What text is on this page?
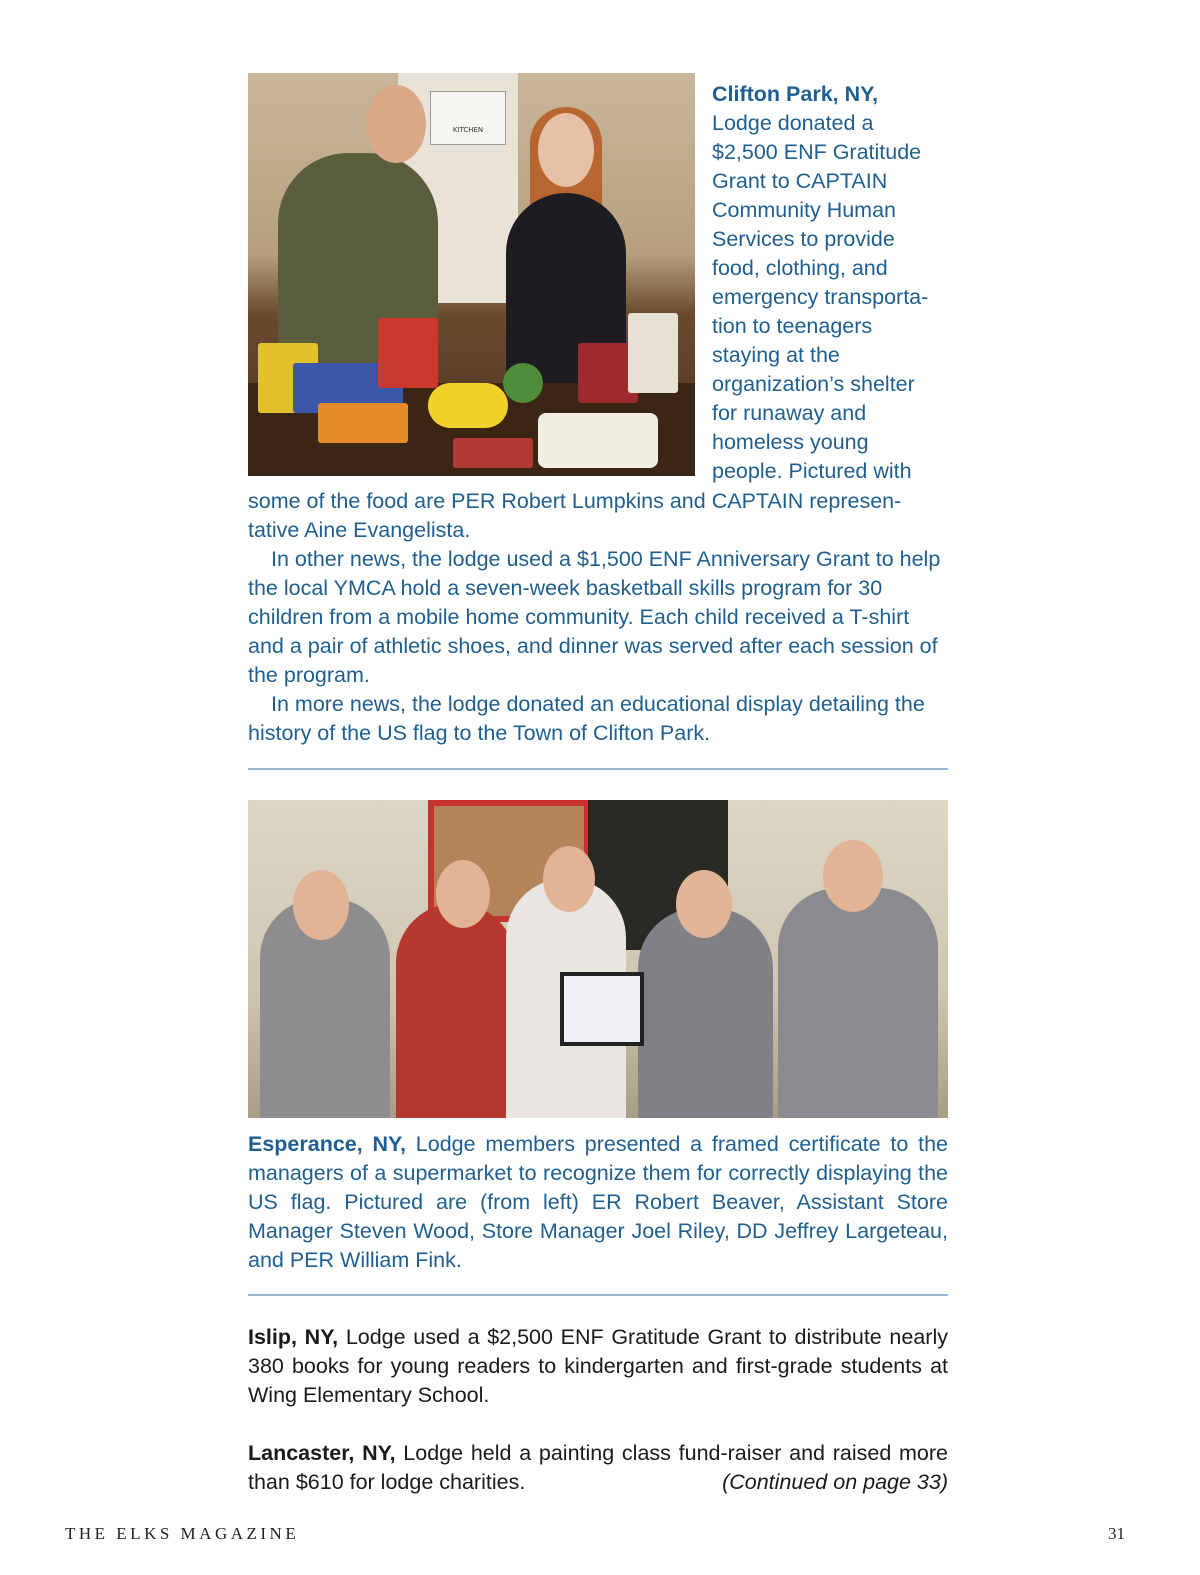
KITCHEN
Clifton Park, NY,
Lodge donated a
$2,500 ENF Gratitude
Grant to CAPTAIN
Community Human
Services to provide
food, clothing, and
emergency transporta-
tion to teenagers
staying at the
organization’s shelter
for runaway and
homeless young
people. Pictured with

some of the food are PER Robert Lumpkins and CAPTAIN represen-tative Aine Evangelista.

In other news, the lodge used a $1,500 ENF Anniversary Grant to help the local YMCA hold a seven-week basketball skills program for 30 children from a mobile home community. Each child received a T-shirt and a pair of athletic shoes, and dinner was served after each session of the program.

In more news, the lodge donated an educational display detailing the history of the US flag to the Town of Clifton Park.

Esperance, NY, Lodge members presented a framed certificate to the managers of a supermarket to recognize them for correctly displaying the US flag. Pictured are (from left) ER Robert Beaver, Assistant Store Manager Steven Wood, Store Manager Joel Riley, DD Jeffrey Largeteau, and PER William Fink.
Islip, NY, Lodge used a $2,500 ENF Gratitude Grant to distribute nearly 380 books for young readers to kindergarten and first-grade students at Wing Elementary School.
Lancaster, NY, Lodge held a painting class fund-raiser and raised more than $610 for lodge charities.	(Continued on page 33)
THE ELKS MAGAZINE	31
